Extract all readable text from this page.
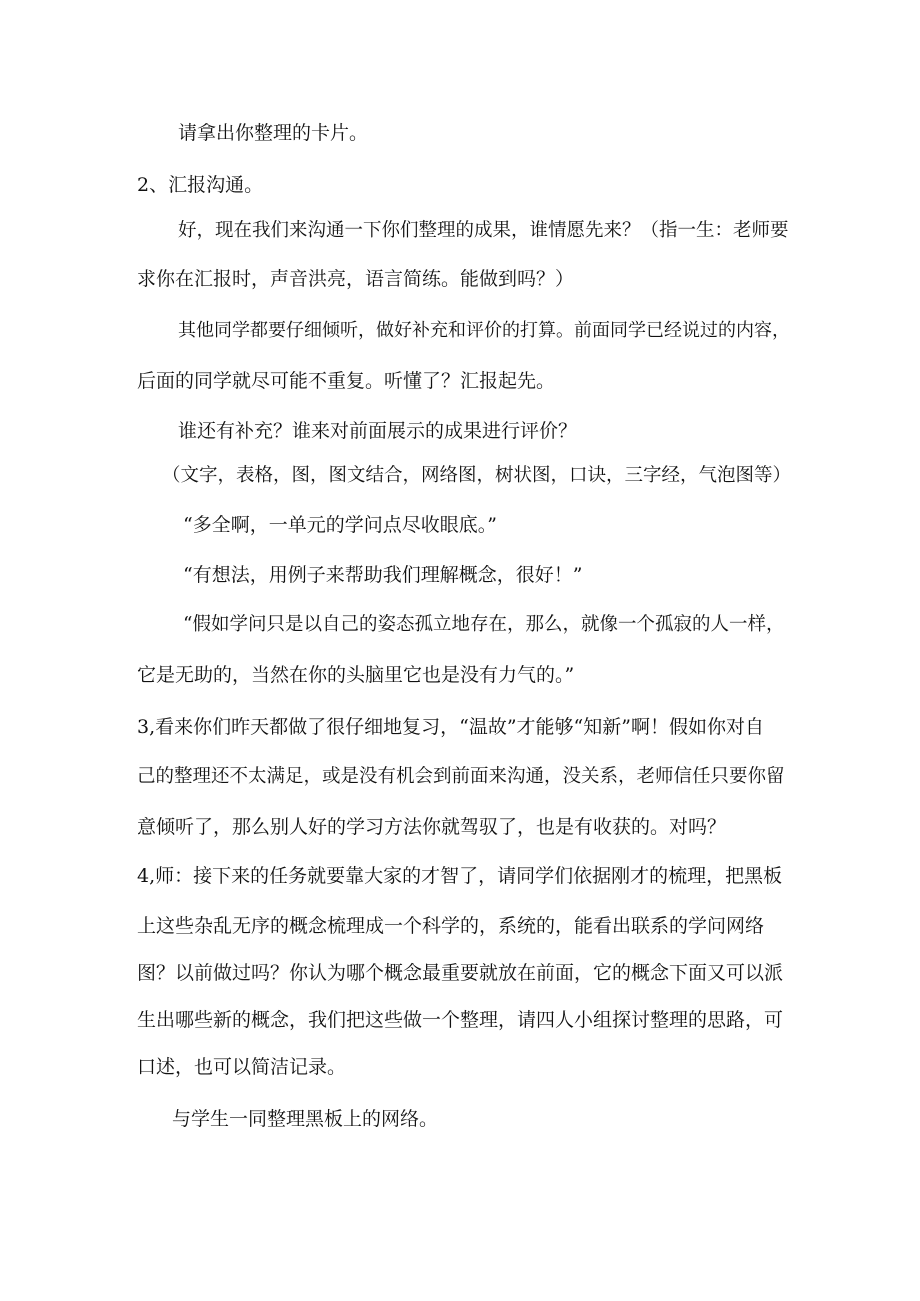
请拿出你整理的卡片。
2、汇报沟通。
好，现在我们来沟通一下你们整理的成果，谁情愿先来？（指一生：老师要
求你在汇报时，声音洪亮，语言简练。能做到吗？）
其他同学都要仔细倾听，做好补充和评价的打算。前面同学已经说过的内容，
后面的同学就尽可能不重复。听懂了？汇报起先。
谁还有补充？谁来对前面展示的成果进行评价？
（文字，表格，图，图文结合，网络图，树状图，口诀，三字经，气泡图等）
“多全啊，一单元的学问点尽收眼底。”
“有想法，用例子来帮助我们理解概念，很好！”
“假如学问只是以自己的姿态孤立地存在，那么，就像一个孤寂的人一样，
它是无助的，当然在你的头脑里它也是没有力气的。”
3,看来你们昨天都做了很仔细地复习，“温故”才能够“知新”啊！假如你对自
己的整理还不太满足，或是没有机会到前面来沟通，没关系，老师信任只要你留
意倾听了，那么别人好的学习方法你就驾驭了，也是有收获的。对吗？
4,师：接下来的任务就要靠大家的才智了，请同学们依据刚才的梳理，把黑板
上这些杂乱无序的概念梳理成一个科学的，系统的，能看出联系的学问网络
图？以前做过吗？你认为哪个概念最重要就放在前面，它的概念下面又可以派
生出哪些新的概念，我们把这些做一个整理，请四人小组探讨整理的思路，可
口述，也可以简洁记录。
与学生一同整理黑板上的网络。
